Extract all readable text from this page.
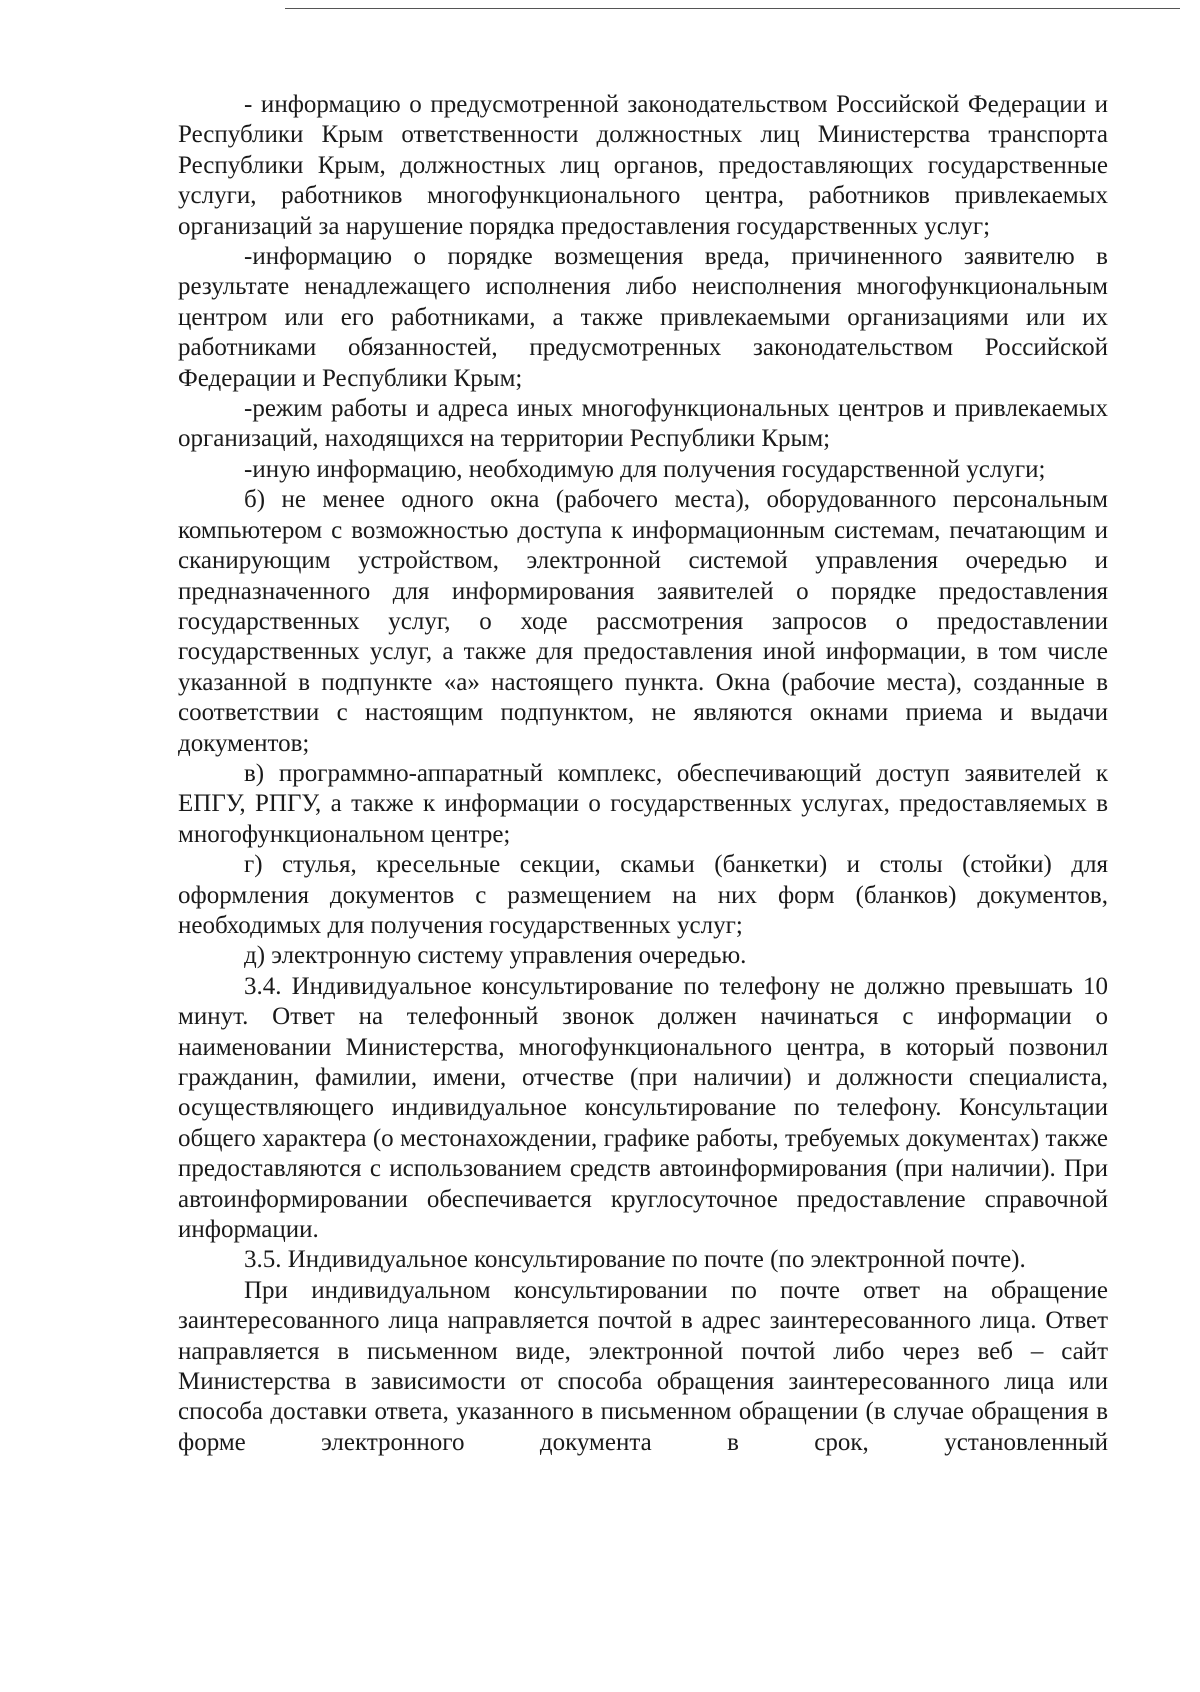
- информацию о предусмотренной законодательством Российской Федерации и Республики Крым ответственности должностных лиц Министерства транспорта Республики Крым, должностных лиц органов, предоставляющих государственные услуги, работников многофункционального центра, работников привлекаемых организаций за нарушение порядка предоставления государственных услуг;

-информацию о порядке возмещения вреда, причиненного заявителю в результате ненадлежащего исполнения либо неисполнения многофункциональным центром или его работниками, а также привлекаемыми организациями или их работниками обязанностей, предусмотренных законодательством Российской Федерации и Республики Крым;

-режим работы и адреса иных многофункциональных центров и привлекаемых организаций, находящихся на территории Республики Крым;

-иную информацию, необходимую для получения государственной услуги;

б) не менее одного окна (рабочего места), оборудованного персональным компьютером с возможностью доступа к информационным системам, печатающим и сканирующим устройством, электронной системой управления очередью и предназначенного для информирования заявителей о порядке предоставления государственных услуг, о ходе рассмотрения запросов о предоставлении государственных услуг, а также для предоставления иной информации, в том числе указанной в подпункте «а» настоящего пункта. Окна (рабочие места), созданные в соответствии с настоящим подпунктом, не являются окнами приема и выдачи документов;

в) программно-аппаратный комплекс, обеспечивающий доступ заявителей к ЕПГУ, РПГУ, а также к информации о государственных услугах, предоставляемых в многофункциональном центре;

г) стулья, кресельные секции, скамьи (банкетки) и столы (стойки) для оформления документов с размещением на них форм (бланков) документов, необходимых для получения государственных услуг;

д) электронную систему управления очередью.

3.4. Индивидуальное консультирование по телефону не должно превышать 10 минут. Ответ на телефонный звонок должен начинаться с информации о наименовании Министерства, многофункционального центра, в который позвонил гражданин, фамилии, имени, отчестве (при наличии) и должности специалиста, осуществляющего индивидуальное консультирование по телефону. Консультации общего характера (о местонахождении, графике работы, требуемых документах) также предоставляются с использованием средств автоинформирования (при наличии). При автоинформировании обеспечивается круглосуточное предоставление справочной информации.

3.5. Индивидуальное консультирование по почте (по электронной почте).

При индивидуальном консультировании по почте ответ на обращение заинтересованного лица направляется почтой в адрес заинтересованного лица. Ответ направляется в письменном виде, электронной почтой либо через веб – сайт Министерства в зависимости от способа обращения заинтересованного лица или способа доставки ответа, указанного в письменном обращении (в случае обращения в форме электронного документа в срок, установленный
